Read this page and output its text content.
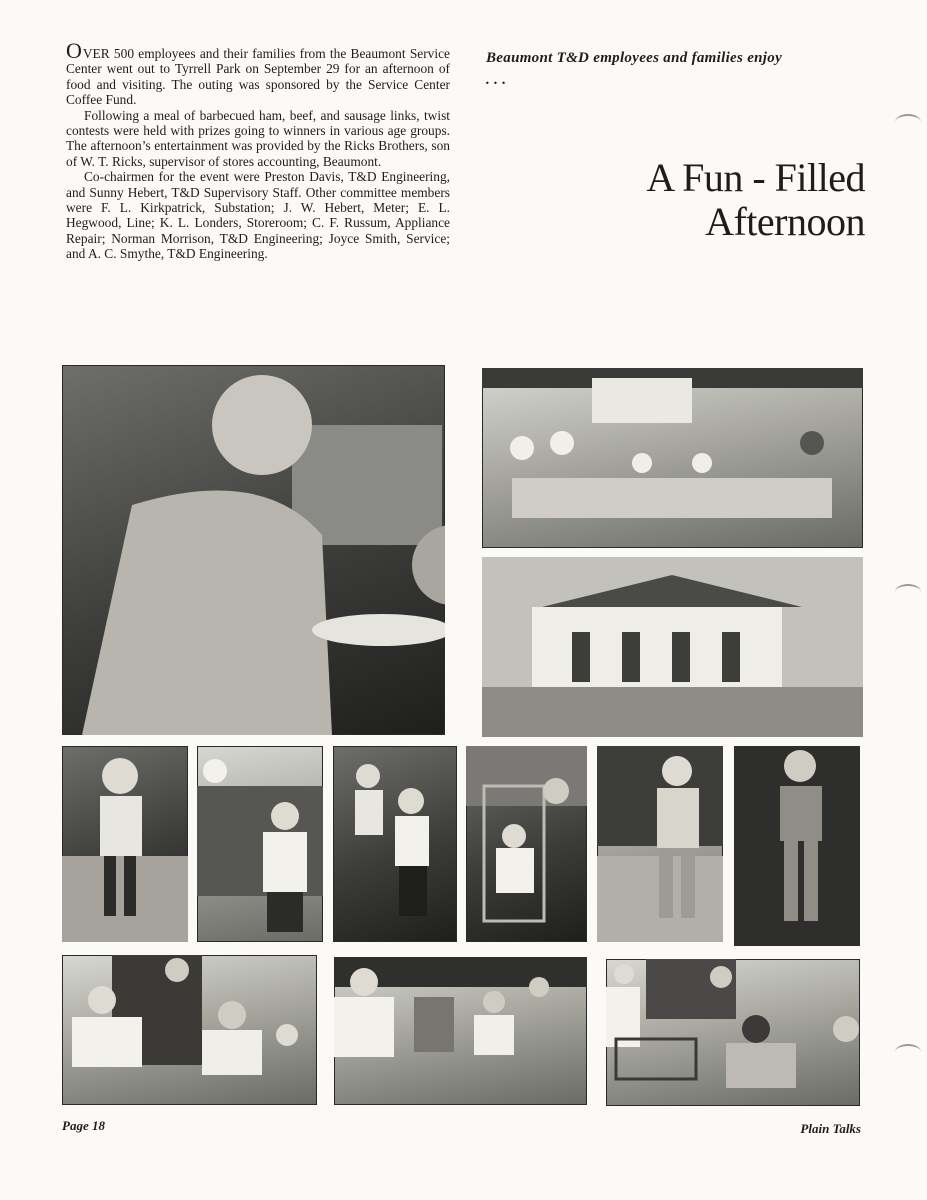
OVER 500 employees and their families from the Beaumont Service Center went out to Tyrrell Park on September 29 for an afternoon of food and visiting. The outing was sponsored by the Service Center Coffee Fund.

Following a meal of barbecued ham, beef, and sausage links, twist contests were held with prizes going to winners in various age groups. The afternoon’s entertainment was provided by the Ricks Brothers, son of W. T. Ricks, supervisor of stores accounting, Beaumont.

Co-chairmen for the event were Preston Davis, T&D Engineering, and Sunny Hebert, T&D Supervisory Staff. Other committee members were F. L. Kirkpatrick, Substation; J. W. Hebert, Meter; E. L. Hegwood, Line; K. L. Londers, Storeroom; C. F. Russum, Appliance Repair; Norman Morrison, T&D Engineering; Joyce Smith, Service; and A. C. Smythe, T&D Engineering.

Beaumont T&D employees and families enjoy . . .
A Fun - Filled
Afternoon
Page 18	Plain Talks
